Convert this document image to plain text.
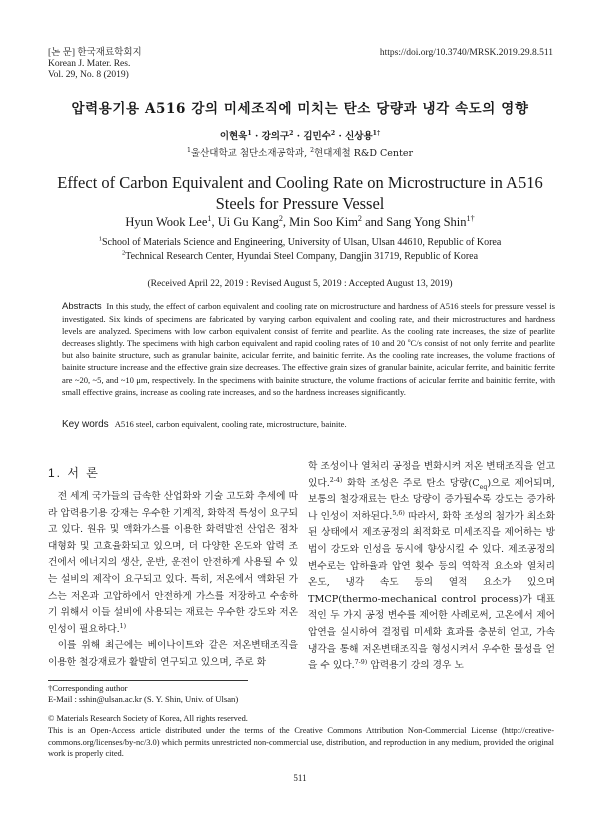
[논 문] 한국재료학회지
Korean J. Mater. Res.
Vol. 29, No. 8 (2019)
https://doi.org/10.3740/MRSK.2019.29.8.511
압력용기용 A516 강의 미세조직에 미치는 탄소 당량과 냉각 속도의 영향
이현욱$^1$ · 강의구$^2$ · 김민수$^2$ · 신상용$^{1\dagger}$
$^1$울산대학교 첨단소재공학과, $^2$현대제철 R&D Center
Effect of Carbon Equivalent and Cooling Rate on Microstructure in A516 Steels for Pressure Vessel
Hyun Wook Lee$^1$, Ui Gu Kang$^2$, Min Soo Kim$^2$ and Sang Yong Shin$^{1\dagger}$
$^1$School of Materials Science and Engineering, University of Ulsan, Ulsan 44610, Republic of Korea
$^2$Technical Research Center, Hyundai Steel Company, Dangjin 31719, Republic of Korea
(Received April 22, 2019 : Revised August 5, 2019 : Accepted August 13, 2019)
Abstracts In this study, the effect of carbon equivalent and cooling rate on microstructure and hardness of A516 steels for pressure vessel is investigated. Six kinds of specimens are fabricated by varying carbon equivalent and cooling rate, and their microstructures and hardness levels are analyzed. Specimens with low carbon equivalent consist of ferrite and pearlite. As the cooling rate increases, the size of pearlite decreases slightly. The specimens with high carbon equivalent and rapid cooling rates of 10 and 20 $^o$C/s consist of not only ferrite and pearlite but also bainite structure, such as granular bainite, acicular ferrite, and bainitic ferrite. As the cooling rate increases, the volume fractions of bainite structure increase and the effective grain size decreases. The effective grain sizes of granular bainite, acicular ferrite, and bainitic ferrite are ~20, ~5, and ~10 μm, respectively. In the specimens with bainite structure, the volume fractions of acicular ferrite and bainitic ferrite, with small effective grains, increase as cooling rate increases, and so the hardness increases significantly.
Key words A516 steel, carbon equivalent, cooling rate, microstructure, bainite.
1. 서 론
전 세계 국가들의 급속한 산업화와 기술 고도화 추세에 따라 압력용기용 강재는 우수한 기계적, 화학적 특성이 요구되고 있다. 원유 및 액화가스를 이용한 화력발전 산업은 점차 대형화 및 고효율화되고 있으며, 더 다양한 온도와 압력 조건에서 에너지의 생산, 운반, 운전이 안전하게 사용될 수 있는 설비의 제작이 요구되고 있다. 특히, 저온에서 액화된 가스는 저온과 고압하에서 안전하게 가스를 저장하고 수송하기 위해서 이들 설비에 사용되는 재료는 우수한 강도와 저온인성이 필요하다.$^{1)}$
이를 위해 최근에는 베이나이트와 같은 저온변태조직을 이용한 철강재료가 활발히 연구되고 있으며, 주로 화
학 조성이나 열처리 공정을 변화시켜 저온 변태조직을 얻고 있다.$^{2-4)}$ 화학 조성은 주로 탄소 당량$(C_{eq})$으로 제어되며, 보통의 철강재료는 탄소 당량이 증가될수록 강도는 증가하나 인성이 저하된다.$^{5,6)}$ 따라서, 화학 조성의 첨가가 최소화된 상태에서 제조공정의 최적화로 미세조직을 제어하는 방법이 강도와 인성을 동시에 향상시킬 수 있다. 제조공정의 변수로는 압하율과 압연 횟수 등의 역학적 요소와 열처리 온도, 냉각 속도 등의 열적 요소가 있으며 TMCP(thermo-mechanical control process)가 대표적인 두 가지 공정 변수를 제어한 사례로써, 고온에서 제어압연을 실시하여 결정립 미세화 효과를 충분히 얻고, 가속냉각을 통해 저온변태조직을 형성시켜서 우수한 물성을 얻을 수 있다.$^{7-9)}$ 압력용기 강의 경우 노
†Corresponding author
E-Mail : sshin@ulsan.ac.kr (S. Y. Shin, Univ. of Ulsan)
© Materials Research Society of Korea, All rights reserved.
This is an Open-Access article distributed under the terms of the Creative Commons Attribution Non-Commercial License (http://creative-commons.org/licenses/by-nc/3.0) which permits unrestricted non-commercial use, distribution, and reproduction in any medium, provided the original work is properly cited.
511
